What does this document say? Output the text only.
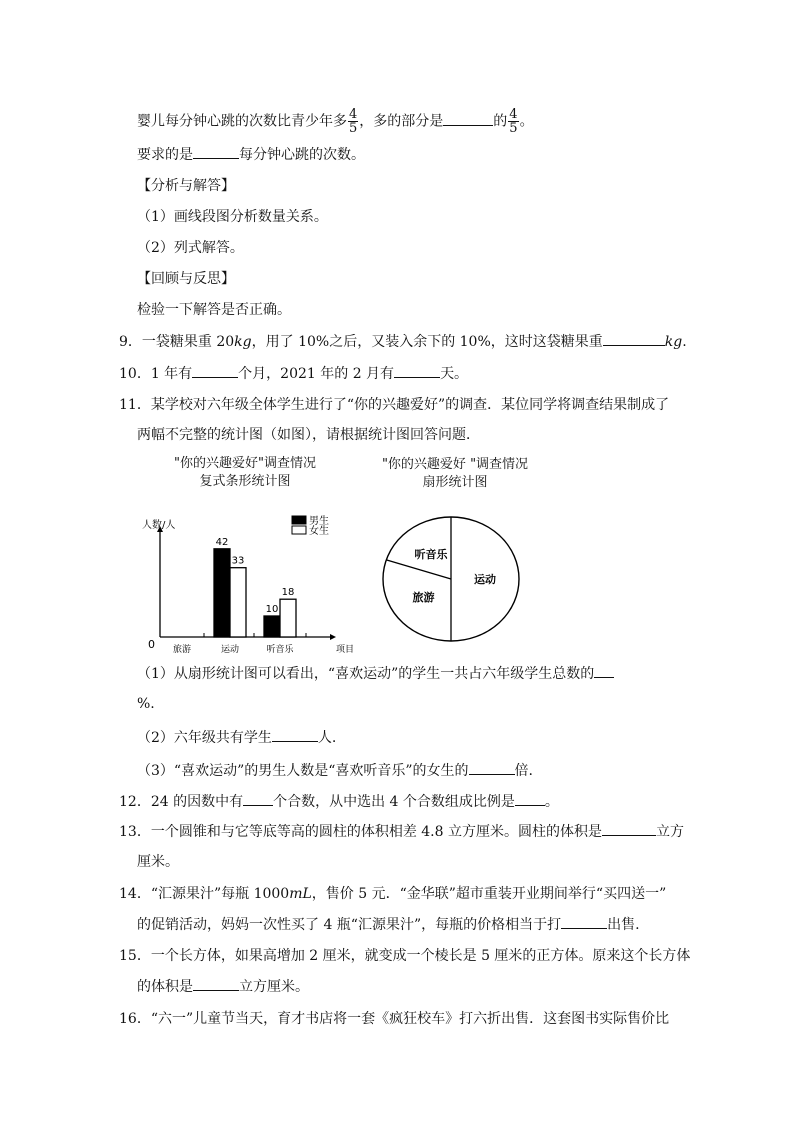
婴儿每分钟心跳的次数比青少年多 $\frac{4}{5}$ ，多的部分是	的 $\frac{4}{5}$ 。
要求的是	每分钟心跳的次数。
【分析与解答】
（1）画线段图分析数量关系。
（2）列式解答。
【回顾与反思】
检验一下解答是否正确。
9．一袋糖果重 20kg，用了 10%之后，又装入余下的 10%，这时这袋糖果重	kg.
10．1 年有	个月，2021 年的 2 月有	天。
11．某学校对六年级全体学生进行了“你的兴趣爱好”的调查．某位同学将调查结果制成了
两幅不完整的统计图（如图），请根据统计图回答问题．
"你的兴趣爱好"调查情况
复式条形统计图
"你的兴趣爱好 "调查情况
扇形统计图
人数/人
项目
0 旅游	运动
42
33
听音乐
10
18
男生
女生
运动
旅游
听音乐
（1）从扇形统计图可以看出，“喜欢运动”的学生一共占六年级学生总数的
%.
（2）六年级共有学生	人.
（3）“喜欢运动”的男生人数是“喜欢听音乐”的女生的	倍.
12．24 的因数中有 个合数，从中选出 4 个合数组成比例是 。
13．一个圆锥和与它等底等高的圆柱的体积相差 4.8 立方厘米。圆柱的体积是	立方
厘米。
14．“汇源果汁”每瓶 1000mL，售价 5 元．“金华联”超市重装开业期间举行“买四送一”
的促销活动，妈妈一次性买了 4 瓶“汇源果汁”，每瓶的价格相当于打	出售.
15．一个长方体，如果高增加 2 厘米，就变成一个棱长是 5 厘米的正方体。原来这个长方体
的体积是	立方厘米。
16．“六一”儿童节当天，育才书店将一套《疯狂校车》打六折出售．这套图书实际售价比
